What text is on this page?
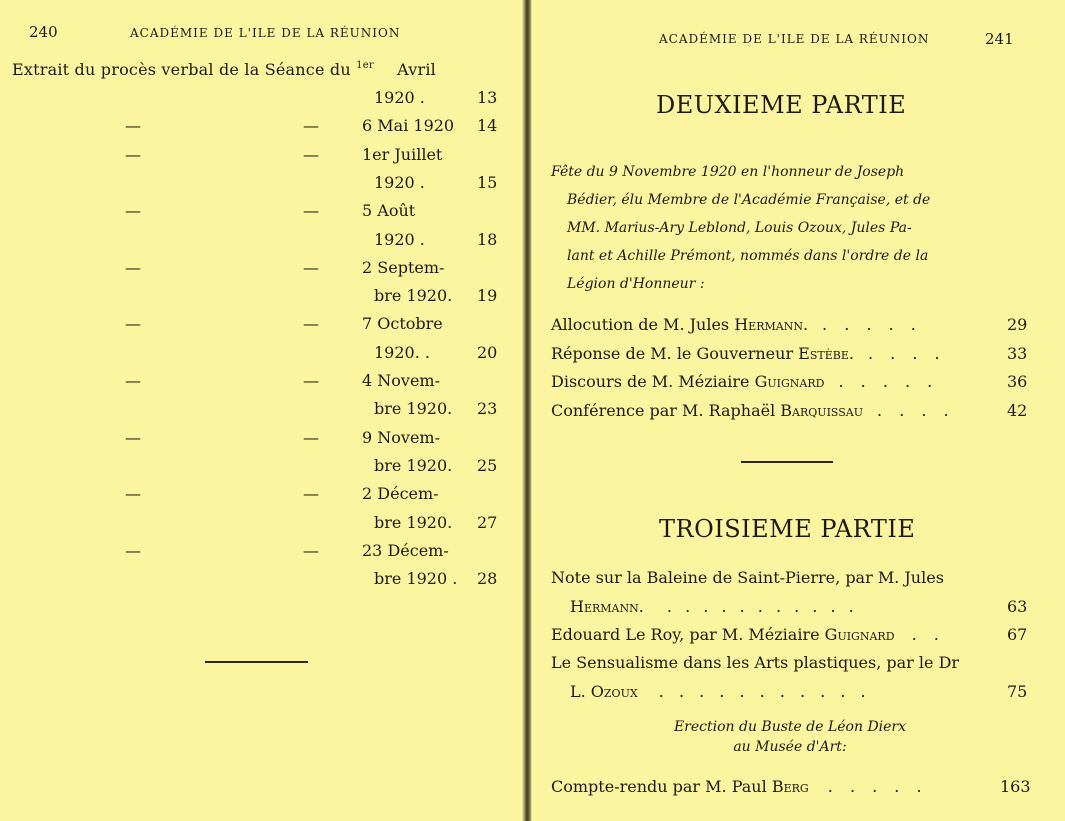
240	ACADÉMIE DE L'ILE DE LA RÉUNION
Extrait du procès verbal de la Séance du $^{1er}$ Avril
1920 .	13
—	—	6 Mai 1920 14
—	—	1er Juillet
1920 .	15
—	—	5 Août
1920 .	18
—	—	2 Septem-
bre 1920. 19
—	—	7 Octobre
1920. .	20
—	—	4 Novem-
bre 1920. 23
—	—	9 Novem-
bre 1920. 25
—	—	2 Décem-
bre 1920. 27
—	—	23 Décem-
bre 1920 . 28
ACADÉMIE DE L'ILE DE LA RÉUNION	241
DEUXIEME PARTIE
Fête du 9 Novembre 1920 en l'honneur de Joseph
Bédier, élu Membre de l'Académie Française, et de
MM. Marius-Ary Leblond, Louis Ozoux, Jules Pa-
lant et Achille Prémont, nommés dans l'ordre de la
Légion d'Honneur :
Allocution de M. Jules Hermann. . . . . .	29
Réponse de M. le Gouverneur Estèbe. . . . .	33
Discours de M. Méziaire Guignard . . . . .	36
Conférence par M. Raphaël Barquissau . . . .	42
TROISIEME PARTIE
Note sur la Baleine de Saint-Pierre, par M. Jules
Hermann. . . . . . . . . . . .	63
Edouard Le Roy, par M. Méziaire Guignard . .	67
Le Sensualisme dans les Arts plastiques, par le Dr
L. Ozoux . . . . . . . . . . .	75
Erection du Buste de Léon Dierx
au Musée d'Art:
Compte-rendu par M. Paul Berg . . . . .	163
